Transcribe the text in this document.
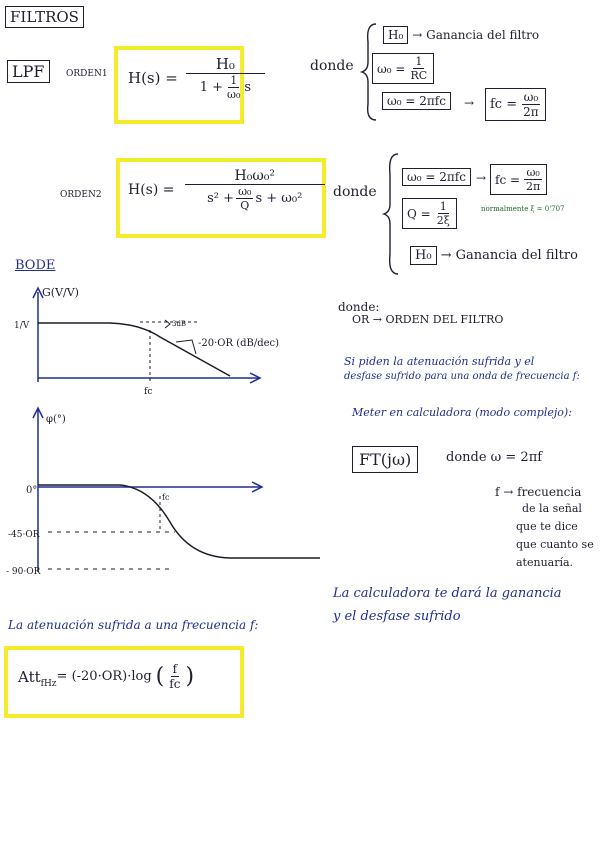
FILTROS
LPF	ORDEN1 $H(s) = \frac{\text{H₀}}{1 + \frac{1}{\text{ω₀}} s}$	donde
H₀ → Ganancia del filtro
$\omega_0 = \frac{1}{RC}$
ω₀ = 2πfc	→ fc = $\frac{\text{ω₀}}{2\pi}$
ORDEN2 $H(s) = \frac{\text{H₀ω₀²}}{s^2 + \frac{\text{ω₀}}{Q} s + \omega_0^2}$ donde
ω₀ = 2πfc → fc = $\frac{\text{ω₀}}{2\pi}$
$Q = \frac{1}{2\xi}$	normalmente ξ = 0'707
H₀ → Ganancia del filtro
BODE
G(V/V)
1/V	3dB
-20·OR (dB/dec)
fc
φ(°)
0°
-45·OR
- 90·OR
fc
donde:
OR → ORDEN DEL FILTRO
Si piden la atenuación sufrida y el
desfase sufrido para una onda de frecuencia f:
Meter en calculadora (modo complejo):
FT(jω)	donde ω = 2πf
f → frecuencia
de la señal
que te dice
que cuanto se
atenuaría.
La calculadora te dará la ganancia
y el desfase sufrido
La atenuación sufrida a una frecuencia f:
Att fHz = (-20·OR)·log ( $\frac{f}{fc}$ )
